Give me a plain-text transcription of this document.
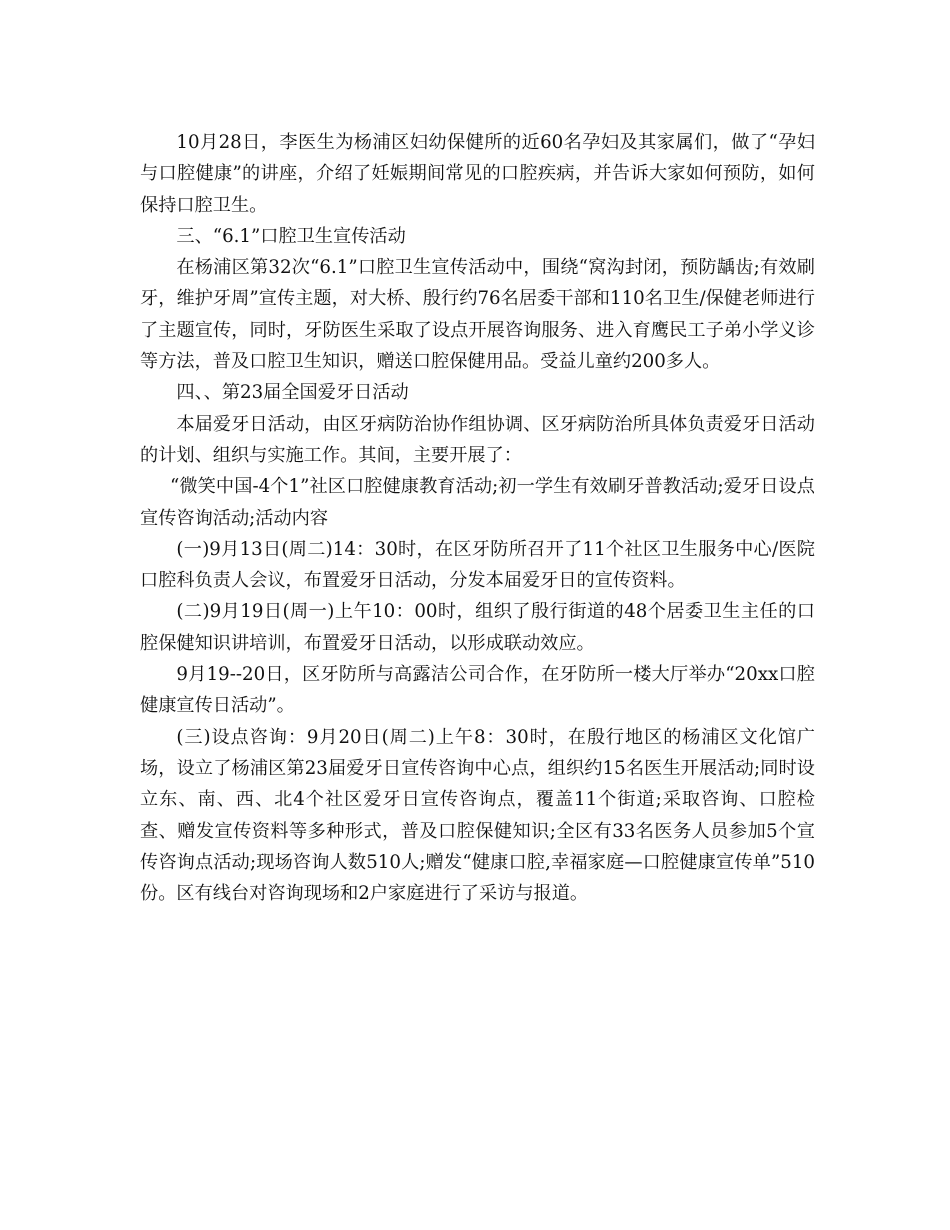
10月28日，李医生为杨浦区妇幼保健所的近60名孕妇及其家属们，做了“孕妇与口腔健康”的讲座，介绍了妊娠期间常见的口腔疾病，并告诉大家如何预防，如何保持口腔卫生。

三、“6.1”口腔卫生宣传活动

在杨浦区第32次“6.1”口腔卫生宣传活动中，围绕“窝沟封闭，预防龋齿;有效刷牙，维护牙周”宣传主题，对大桥、殷行约76名居委干部和110名卫生/保健老师进行了主题宣传，同时，牙防医生采取了设点开展咨询服务、进入育鹰民工子弟小学义诊等方法，普及口腔卫生知识，赠送口腔保健用品。受益儿童约200多人。

四、、第23届全国爱牙日活动

本届爱牙日活动，由区牙病防治协作组协调、区牙病防治所具体负责爱牙日活动的计划、组织与实施工作。其间，主要开展了：

“微笑中国-4个1”社区口腔健康教育活动;初一学生有效刷牙普教活动;爱牙日设点宣传咨询活动;活动内容

(一)9月13日(周二)14：30时，在区牙防所召开了11个社区卫生服务中心/医院口腔科负责人会议，布置爱牙日活动，分发本届爱牙日的宣传资料。

(二)9月19日(周一)上午10：00时，组织了殷行街道的48个居委卫生主任的口腔保健知识讲培训，布置爱牙日活动，以形成联动效应。

9月19--20日，区牙防所与高露洁公司合作，在牙防所一楼大厅举办“20xx口腔健康宣传日活动”。

(三)设点咨询：9月20日(周二)上午8：30时，在殷行地区的杨浦区文化馆广场，设立了杨浦区第23届爱牙日宣传咨询中心点，组织约15名医生开展活动;同时设立东、南、西、北4个社区爱牙日宣传咨询点，覆盖11个街道;采取咨询、口腔检查、赠发宣传资料等多种形式，普及口腔保健知识;全区有33名医务人员参加5个宣传咨询点活动;现场咨询人数510人;赠发“健康口腔,幸福家庭—口腔健康宣传单”510份。区有线台对咨询现场和2户家庭进行了采访与报道。
